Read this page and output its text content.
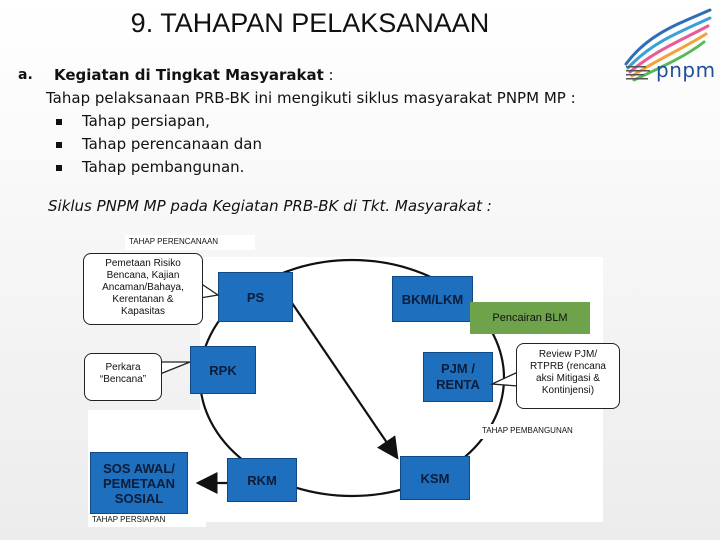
9. TAHAPAN PELAKSANAAN
pnpm
a. Kegiatan di Tingkat Masyarakat :
Tahap pelaksanaan PRB-BK ini mengikuti siklus masyarakat PNPM MP :
Tahap persiapan,
Tahap perencanaan dan
Tahap pembangunan.
Siklus PNPM MP pada Kegiatan PRB-BK di Tkt. Masyarakat :
TAHAP PERENCANAAN
TAHAP PEMBANGUNAN
TAHAP PERSIAPAN
PS	BKM/LKM
RPK	PJM /
RENTA
SOS AWAL/
PEMETAAN
SOSIAL
RKM	KSM
Pencairan BLM
Pemetaan Risiko
Bencana, Kajian
Ancaman/Bahaya,
Kerentanan &
Kapasitas
Perkara
“Bencana”
Review PJM/
RTPRB (rencana
aksi Mitigasi &
Kontinjensi)
